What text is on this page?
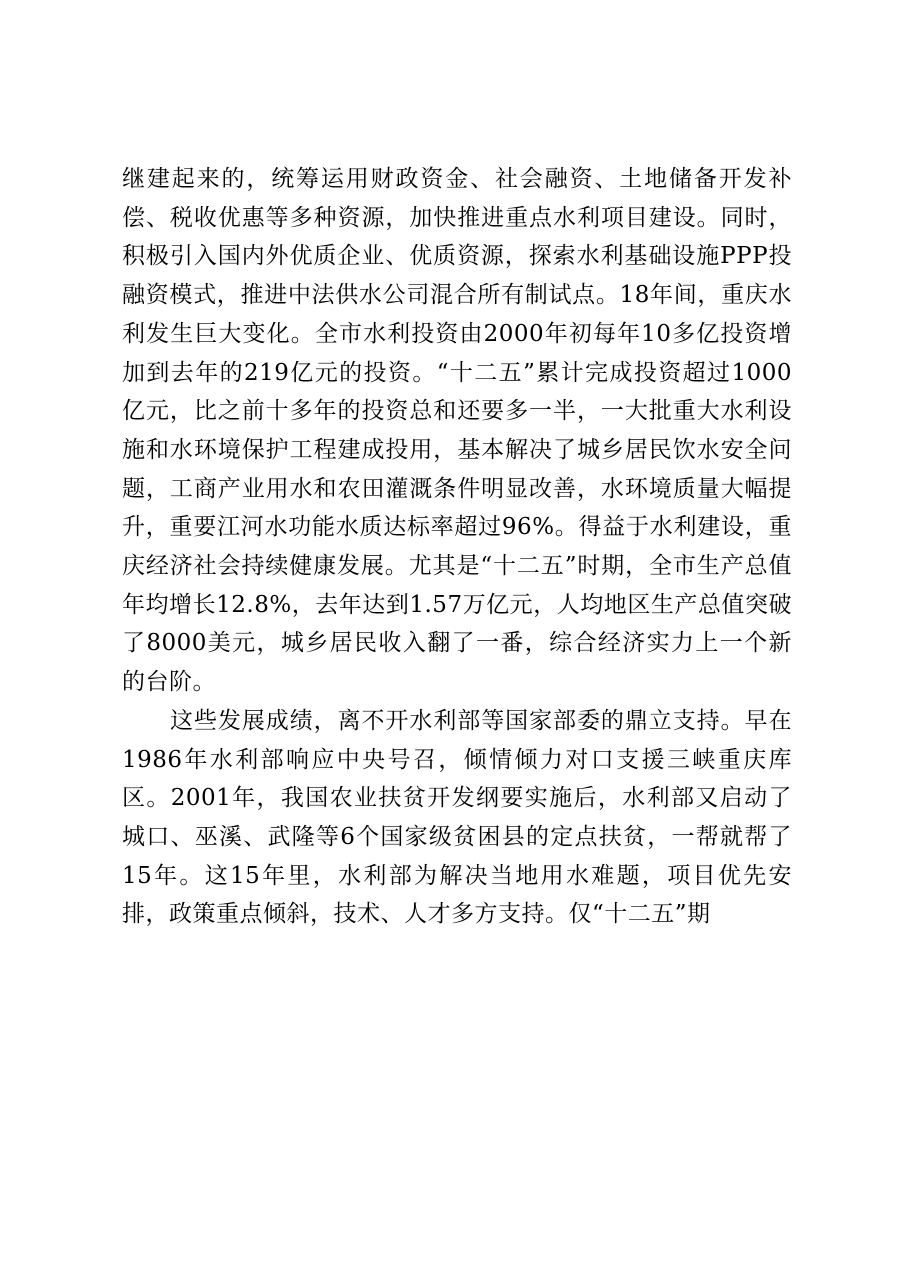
继建起来的，统筹运用财政资金、社会融资、土地储备开发补偿、税收优惠等多种资源，加快推进重点水利项目建设。同时，积极引入国内外优质企业、优质资源，探索水利基础设施PPP投融资模式，推进中法供水公司混合所有制试点。18年间，重庆水利发生巨大变化。全市水利投资由2000年初每年10多亿投资增加到去年的219亿元的投资。“十二五”累计完成投资超过1000亿元，比之前十多年的投资总和还要多一半，一大批重大水利设施和水环境保护工程建成投用，基本解决了城乡居民饮水安全问题，工商产业用水和农田灌溉条件明显改善，水环境质量大幅提升，重要江河水功能水质达标率超过96%。得益于水利建设，重庆经济社会持续健康发展。尤其是“十二五”时期，全市生产总值年均增长12.8%，去年达到1.57万亿元，人均地区生产总值突破了8000美元，城乡居民收入翻了一番，综合经济实力上一个新的台阶。

这些发展成绩，离不开水利部等国家部委的鼎立支持。早在1986年水利部响应中央号召，倾情倾力对口支援三峡重庆库区。2001年，我国农业扶贫开发纲要实施后，水利部又启动了城口、巫溪、武隆等6个国家级贫困县的定点扶贫，一帮就帮了15年。这15年里，水利部为解决当地用水难题，项目优先安排，政策重点倾斜，技术、人才多方支持。仅“十二五”期
